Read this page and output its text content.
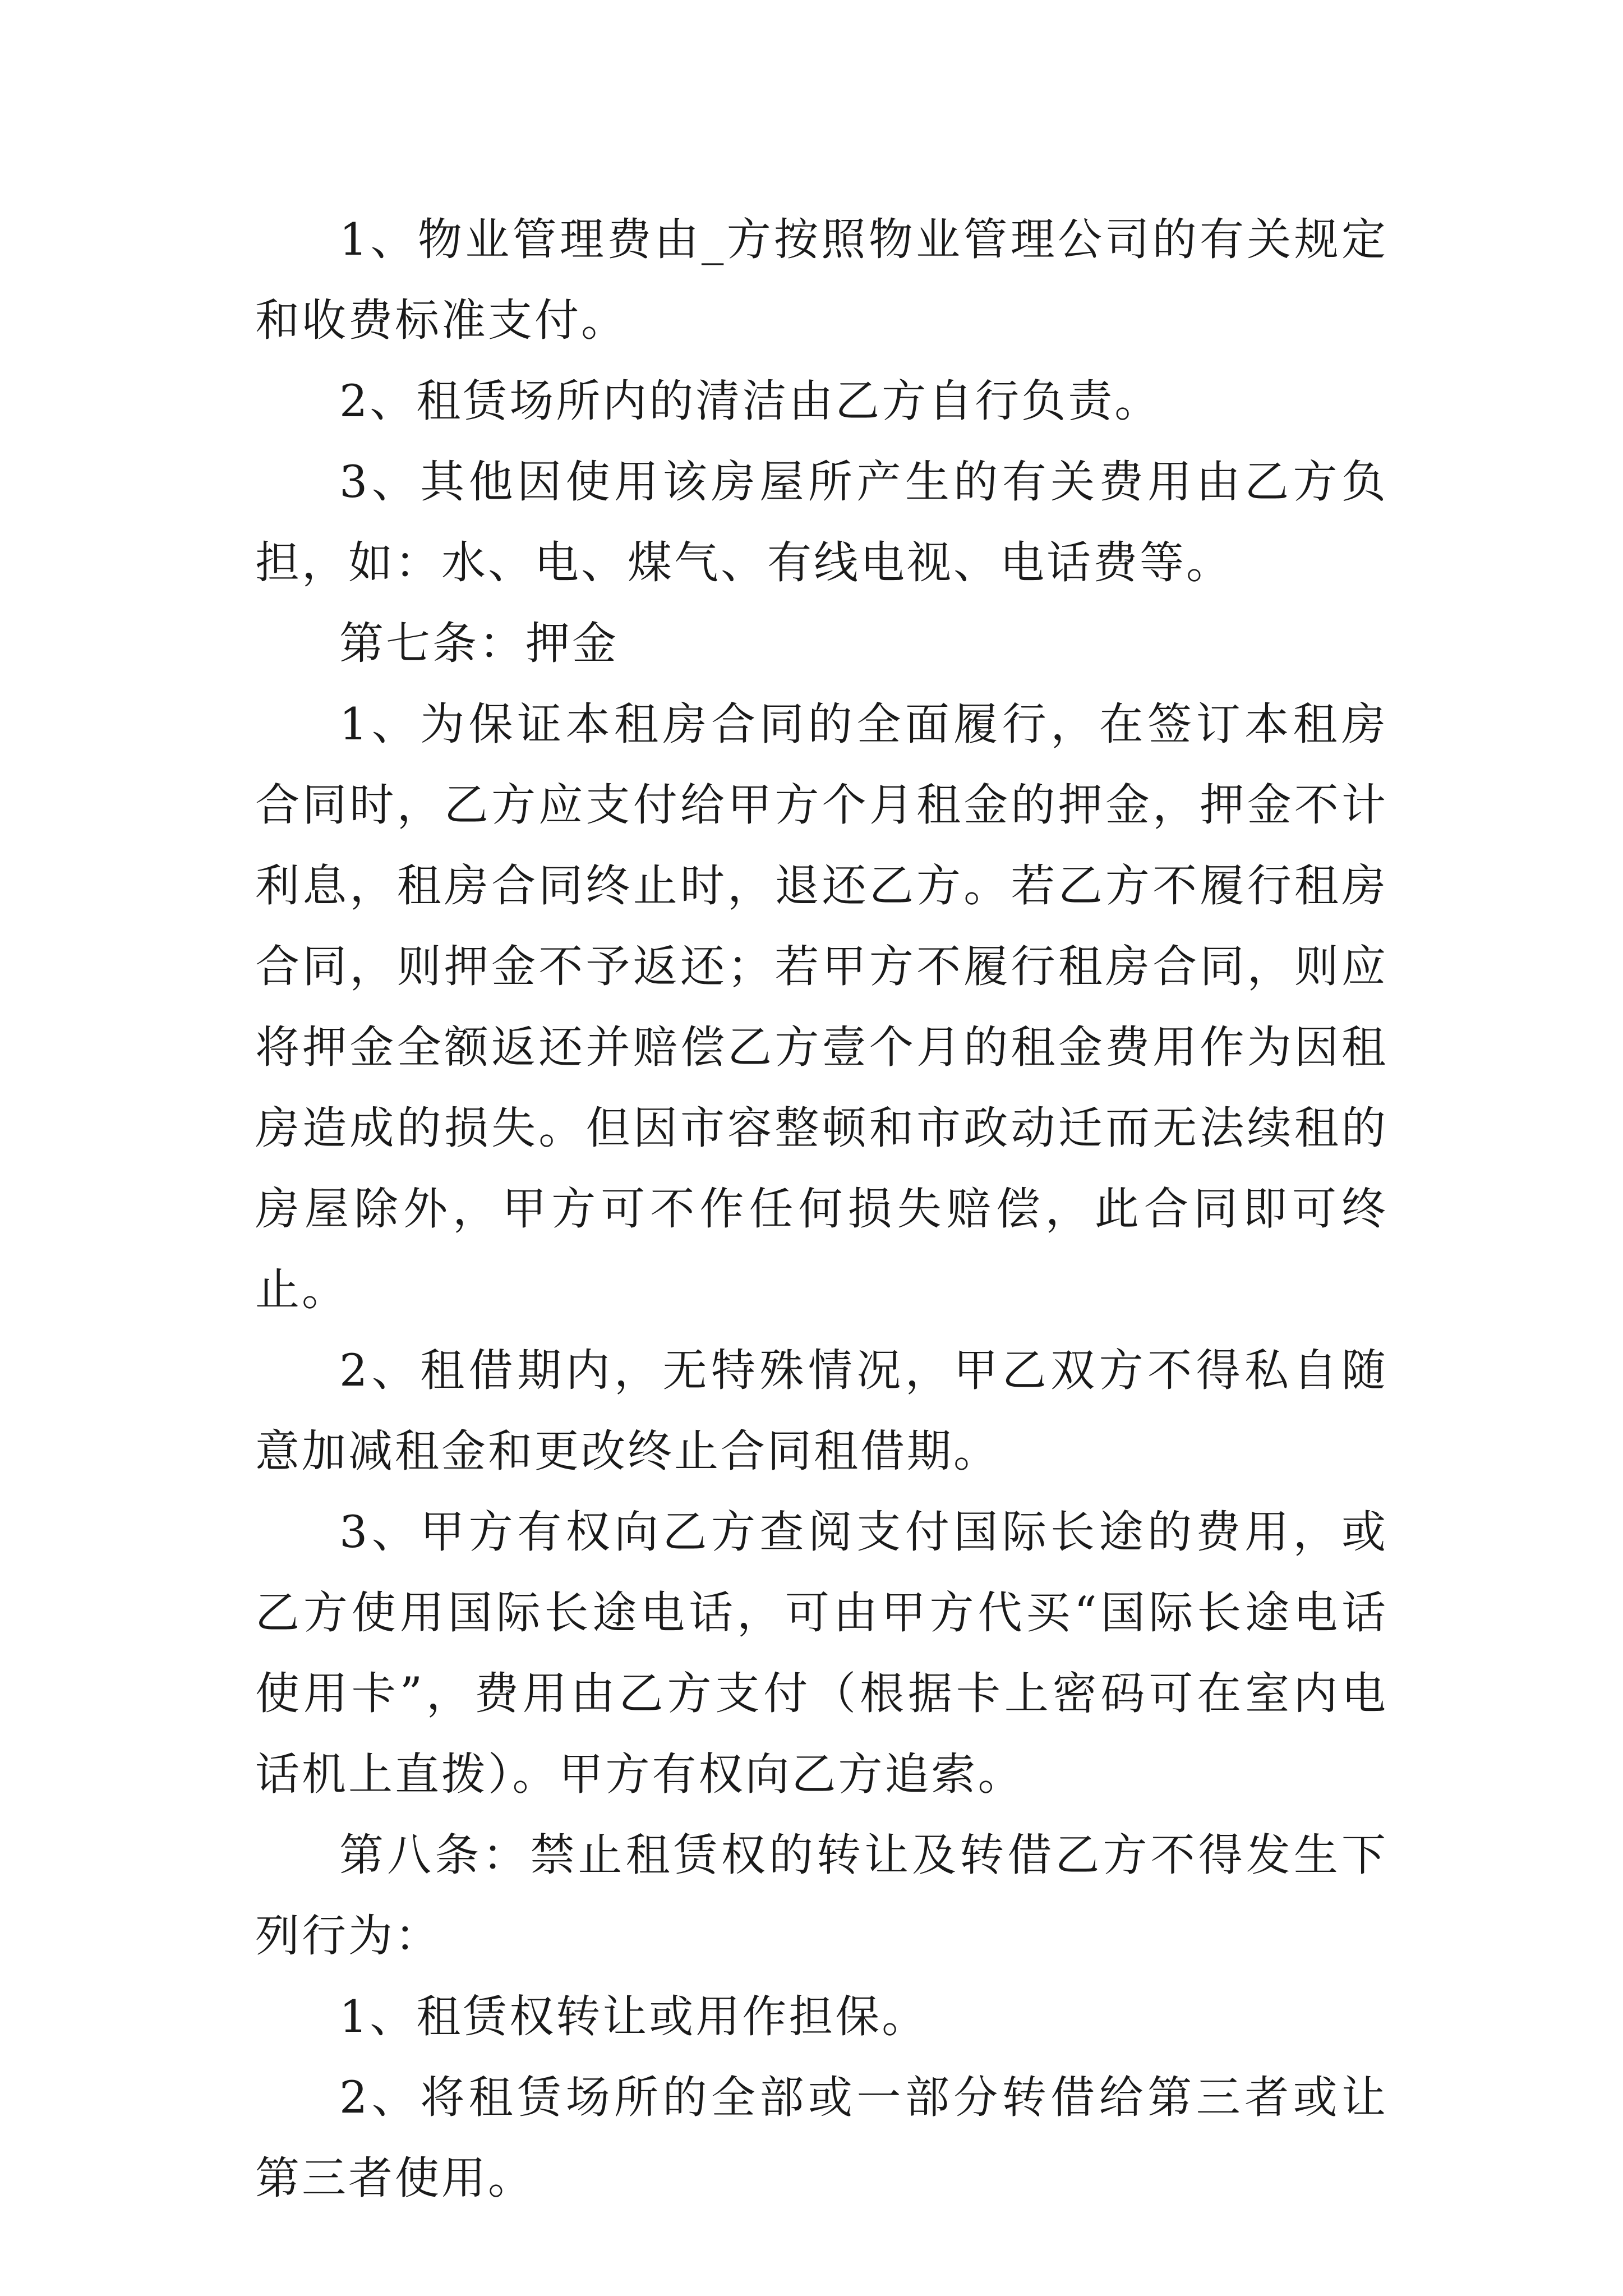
1、物业管理费由_方按照物业管理公司的有关规定和收费标准支付。

2、租赁场所内的清洁由乙方自行负责。

3、其他因使用该房屋所产生的有关费用由乙方负担，如：水、电、煤气、有线电视、电话费等。

第七条：押金

1、为保证本租房合同的全面履行，在签订本租房合同时，乙方应支付给甲方个月租金的押金，押金不计利息，租房合同终止时，退还乙方。若乙方不履行租房合同，则押金不予返还；若甲方不履行租房合同，则应将押金全额返还并赔偿乙方壹个月的租金费用作为因租房造成的损失。但因市容整顿和市政动迁而无法续租的房屋除外，甲方可不作任何损失赔偿，此合同即可终止。

2、租借期内，无特殊情况，甲乙双方不得私自随意加减租金和更改终止合同租借期。

3、甲方有权向乙方查阅支付国际长途的费用，或乙方使用国际长途电话，可由甲方代买“国际长途电话使用卡”，费用由乙方支付（根据卡上密码可在室内电话机上直拨）。甲方有权向乙方追索。

第八条：禁止租赁权的转让及转借乙方不得发生下列行为：

1、租赁权转让或用作担保。

2、将租赁场所的全部或一部分转借给第三者或让第三者使用。
